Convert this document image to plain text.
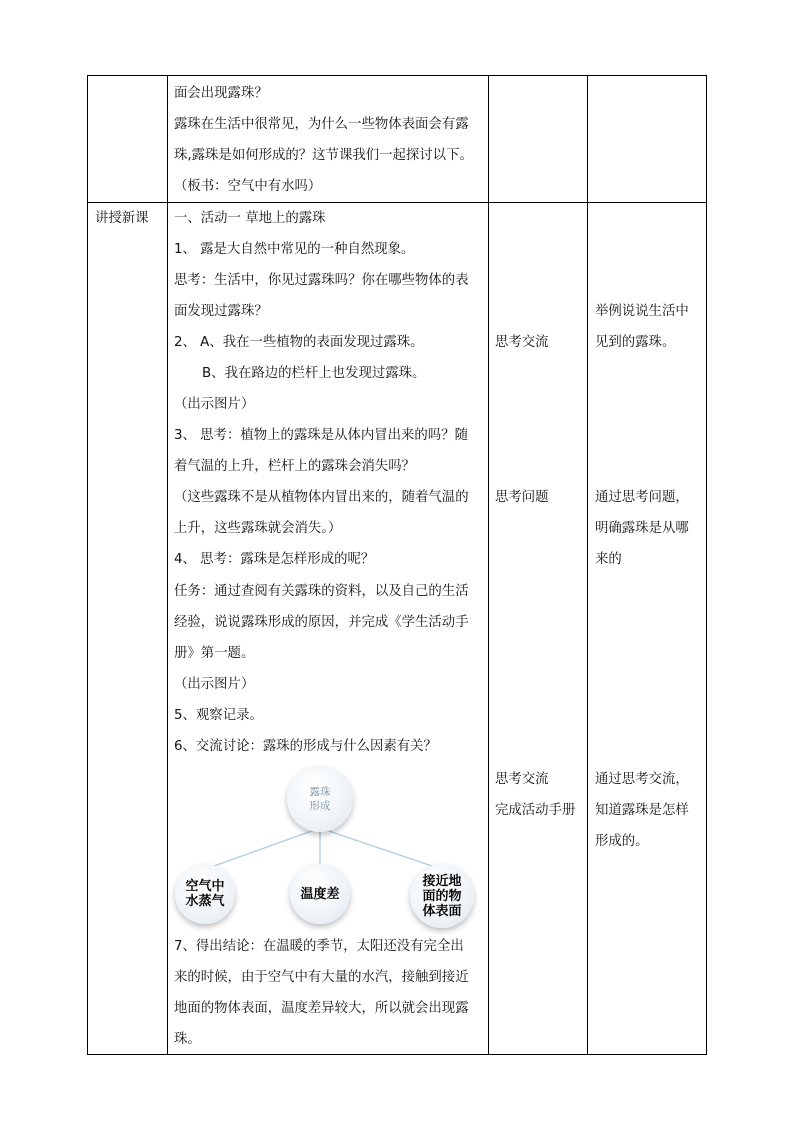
面会出现露珠？
露珠在生活中很常见，为什么一些物体表面会有露
珠,露珠是如何形成的？这节课我们一起探讨以下。
（板书：空气中有水吗）
讲授新课 一、活动一 草地上的露珠
1、 露是大自然中常见的一种自然现象。
思考：生活中，你见过露珠吗？你在哪些物体的表
面发现过露珠？
2、 A、我在一些植物的表面发现过露珠。
B、我在路边的栏杆上也发现过露珠。
（出示图片）
3、 思考：植物上的露珠是从体内冒出来的吗？随
着气温的上升，栏杆上的露珠会消失吗？
（这些露珠不是从植物体内冒出来的，随着气温的
上升，这些露珠就会消失。）
4、 思考：露珠是怎样形成的呢？
任务：通过查阅有关露珠的资料，以及自己的生活
经验，说说露珠形成的原因，并完成《学生活动手
册》第一题。
（出示图片）
5、观察记录。
6、交流讨论：露珠的形成与什么因素有关？
7、得出结论：在温暖的季节，太阳还没有完全出
来的时候，由于空气中有大量的水汽，接触到接近
地面的物体表面，温度差异较大，所以就会出现露
珠。
露珠
形成
空气中
水蒸气	温度差
接近地
面的物
体表面
思考交流
思考问题
思考交流
完成活动手册
举例说说生活中
见到的露珠。
通过思考问题，
明确露珠是从哪
来的
通过思考交流，
知道露珠是怎样
形成的。
